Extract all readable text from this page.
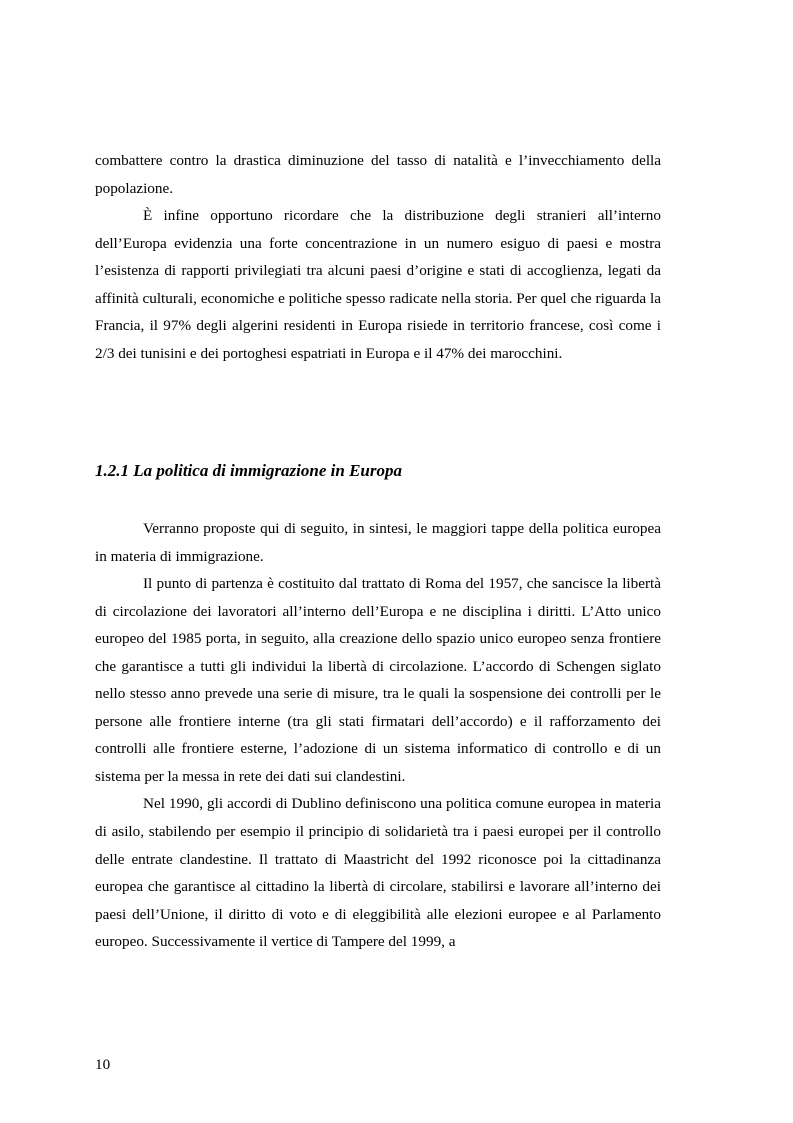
combattere contro la drastica diminuzione del tasso di natalità e l’invecchiamento della popolazione.

È infine opportuno ricordare che la distribuzione degli stranieri all’interno dell’Europa evidenzia una forte concentrazione in un numero esiguo di paesi e mostra l’esistenza di rapporti privilegiati tra alcuni paesi d’origine e stati di accoglienza, legati da affinità culturali, economiche e politiche spesso radicate nella storia. Per quel che riguarda la Francia, il 97% degli algerini residenti in Europa risiede in territorio francese, così come i 2/3 dei tunisini e dei portoghesi espatriati in Europa e il 47% dei marocchini.

1.2.1 La politica di immigrazione in Europa

Verranno proposte qui di seguito, in sintesi, le maggiori tappe della politica europea in materia di immigrazione.

Il punto di partenza è costituito dal trattato di Roma del 1957, che sancisce la libertà di circolazione dei lavoratori all’interno dell’Europa e ne disciplina i diritti. L’Atto unico europeo del 1985 porta, in seguito, alla creazione dello spazio unico europeo senza frontiere che garantisce a tutti gli individui la libertà di circolazione. L’accordo di Schengen siglato nello stesso anno prevede una serie di misure, tra le quali la sospensione dei controlli per le persone alle frontiere interne (tra gli stati firmatari dell’accordo) e il rafforzamento dei controlli alle frontiere esterne, l’adozione di un sistema informatico di controllo e di un sistema per la messa in rete dei dati sui clandestini.

Nel 1990, gli accordi di Dublino definiscono una politica comune europea in materia di asilo, stabilendo per esempio il principio di solidarietà tra i paesi europei per il controllo delle entrate clandestine. Il trattato di Maastricht del 1992 riconosce poi la cittadinanza europea che garantisce al cittadino la libertà di circolare, stabilirsi e lavorare all’interno dei paesi dell’Unione, il diritto di voto e di eleggibilità alle elezioni europee e al Parlamento europeo. Successivamente il vertice di Tampere del 1999, a

10
